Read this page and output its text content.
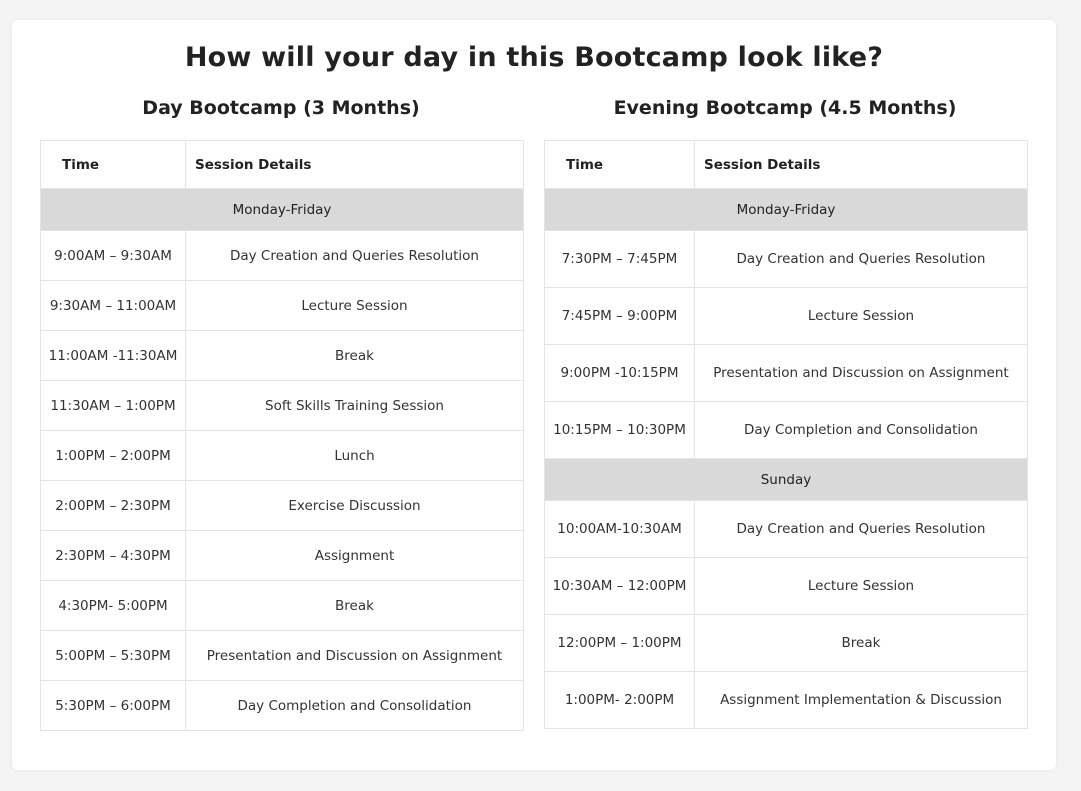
How will your day in this Bootcamp look like?
Day Bootcamp (3 Months)	Evening Bootcamp (4.5 Months)
Time	Session Details
Monday-Friday	
9:00AM – 9:30AM	Day Creation and Queries Resolution
9:30AM – 11:00AM	Lecture Session
11:00AM -11:30AM	Break
11:30AM – 1:00PM	Soft Skills Training Session
1:00PM – 2:00PM	Lunch
2:00PM – 2:30PM	Exercise Discussion
2:30PM – 4:30PM	Assignment
4:30PM- 5:00PM	Break
5:00PM – 5:30PM	Presentation and Discussion on Assignment
5:30PM – 6:00PM	Day Completion and Consolidation
Time	Session Details
Monday-Friday	
7:30PM – 7:45PM	Day Creation and Queries Resolution
7:45PM – 9:00PM	Lecture Session
9:00PM -10:15PM	Presentation and Discussion on Assignment
10:15PM – 10:30PM	Day Completion and Consolidation
Sunday	
10:00AM-10:30AM	Day Creation and Queries Resolution
10:30AM – 12:00PM	Lecture Session
12:00PM – 1:00PM	Break
1:00PM- 2:00PM	Assignment Implementation & Discussion
